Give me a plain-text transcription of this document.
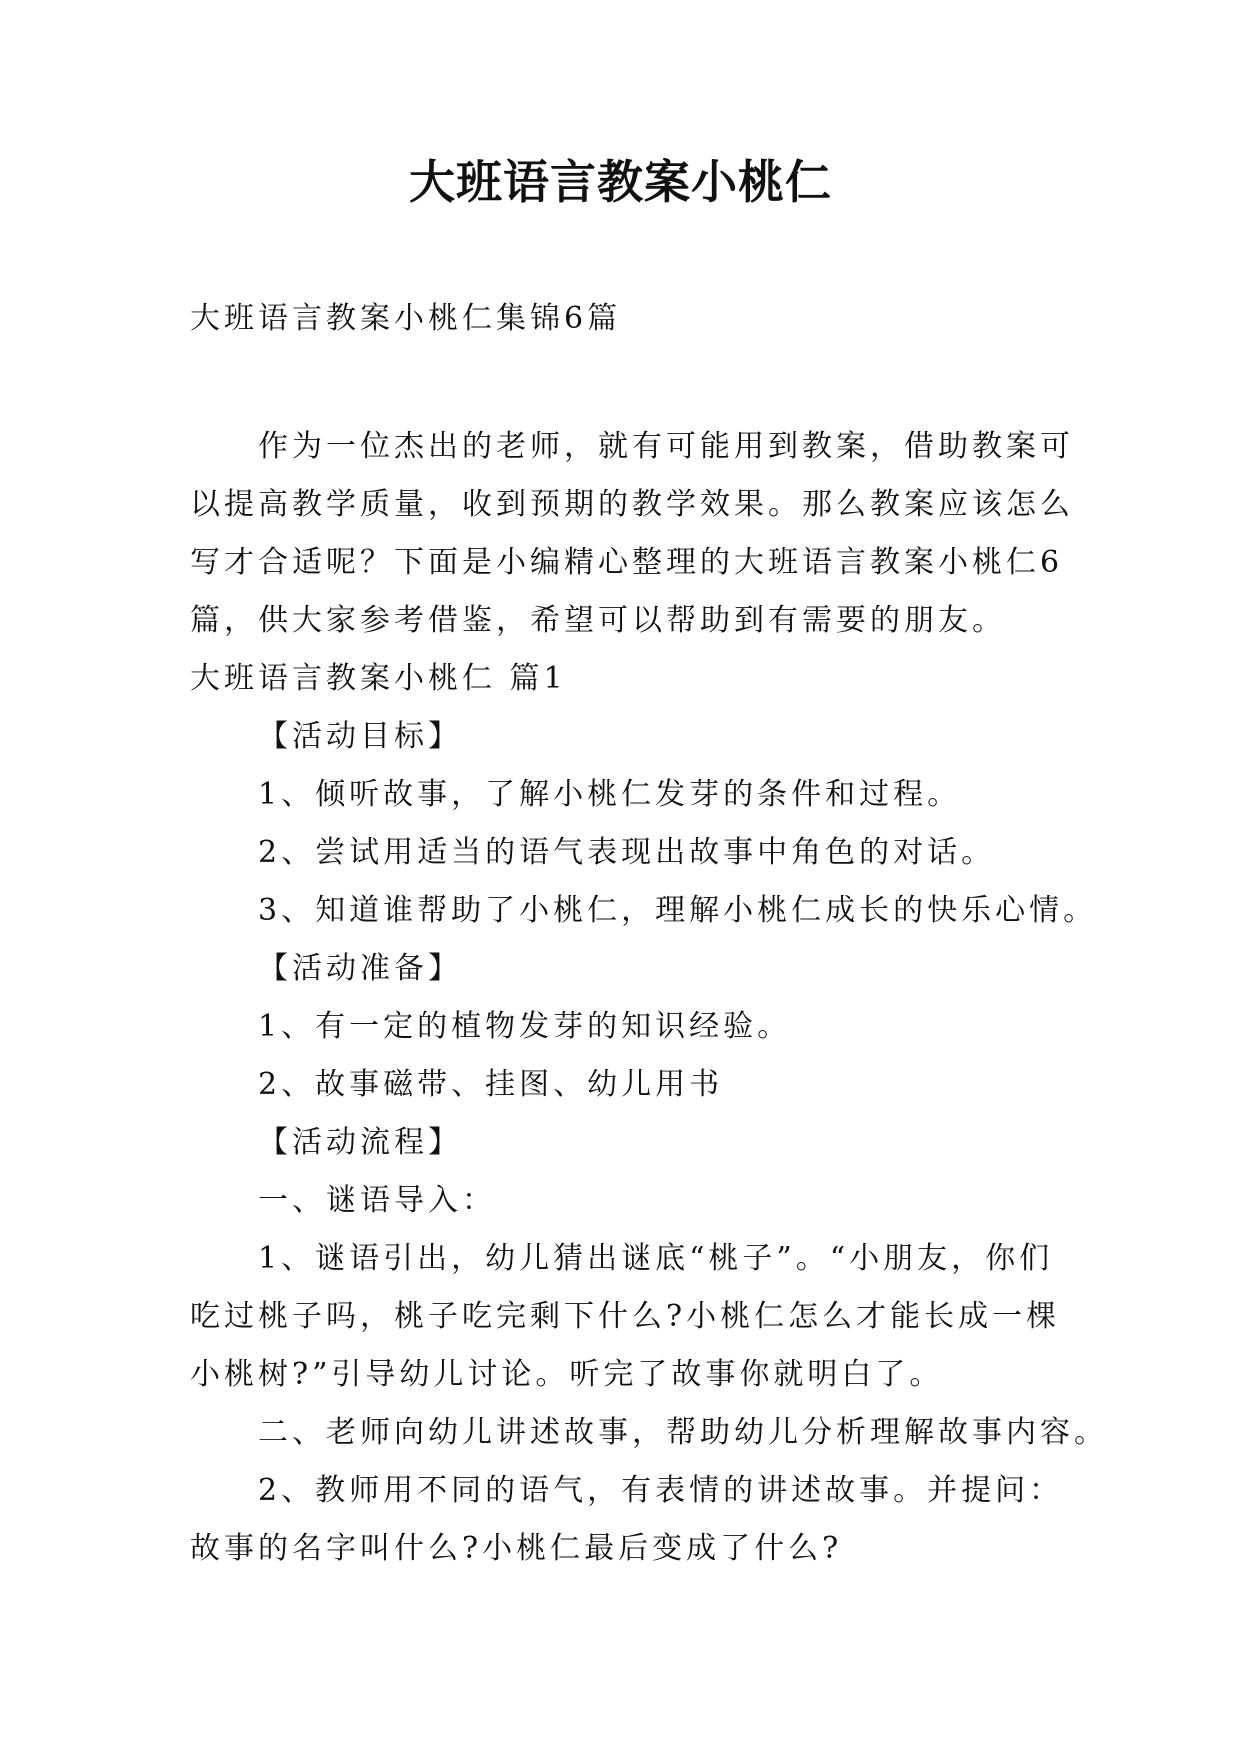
大班语言教案小桃仁
大班语言教案小桃仁集锦6篇
作为一位杰出的老师，就有可能用到教案，借助教案可
以提高教学质量，收到预期的教学效果。那么教案应该怎么
写才合适呢？下面是小编精心整理的大班语言教案小桃仁6
篇，供大家参考借鉴，希望可以帮助到有需要的朋友。
大班语言教案小桃仁 篇1
【活动目标】
1、倾听故事，了解小桃仁发芽的条件和过程。
2、尝试用适当的语气表现出故事中角色的对话。
3、知道谁帮助了小桃仁，理解小桃仁成长的快乐心情。
【活动准备】
1、有一定的植物发芽的知识经验。
2、故事磁带、挂图、幼儿用书
【活动流程】
一、谜语导入：
1、谜语引出，幼儿猜出谜底“桃子”。“小朋友，你们
吃过桃子吗，桃子吃完剩下什么?小桃仁怎么才能长成一棵
小桃树?”引导幼儿讨论。听完了故事你就明白了。
二、老师向幼儿讲述故事，帮助幼儿分析理解故事内容。
2、教师用不同的语气，有表情的讲述故事。并提问：
故事的名字叫什么?小桃仁最后变成了什么?
